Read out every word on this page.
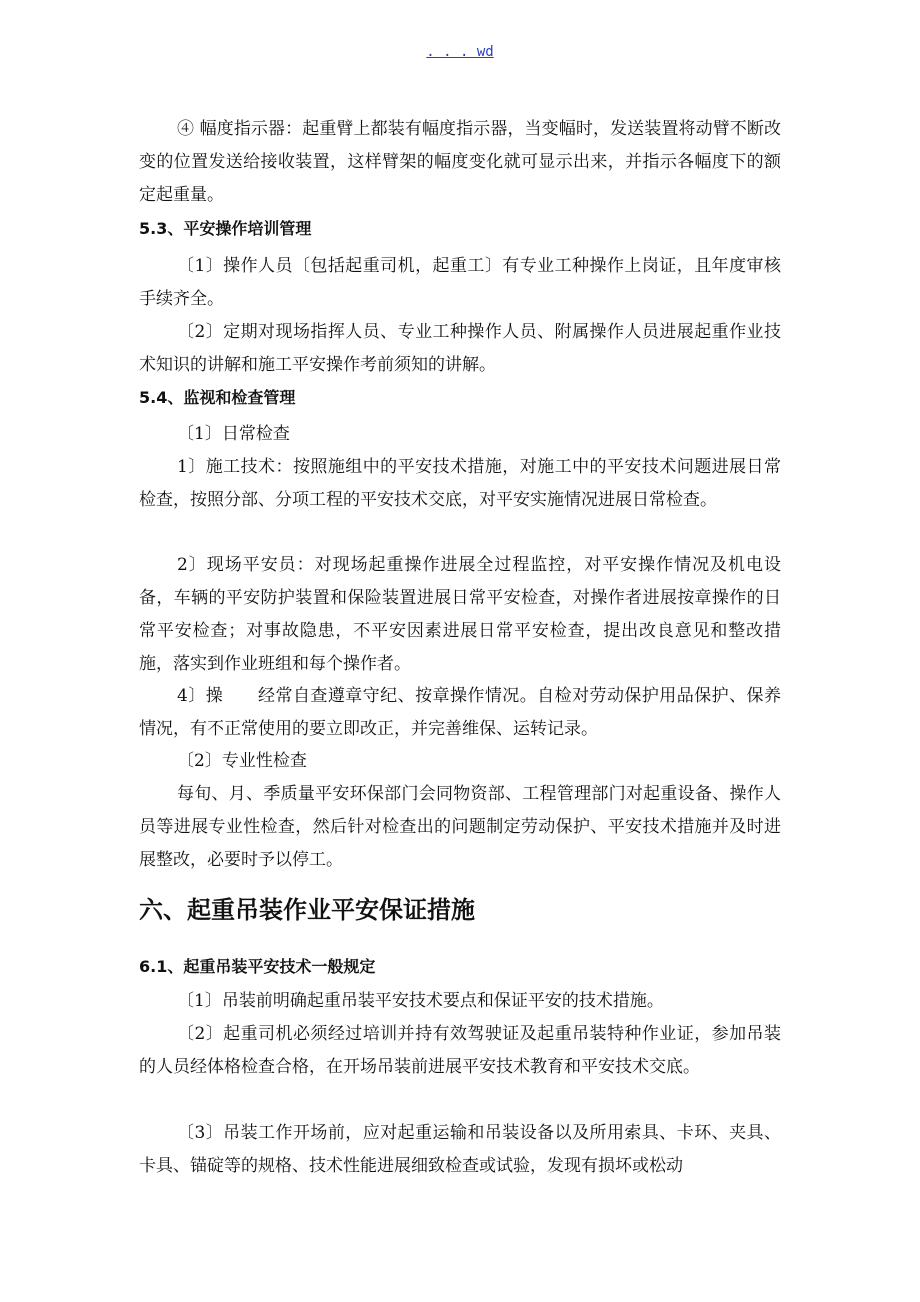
. . . wd

④ 幅度指示器：起重臂上都装有幅度指示器，当变幅时，发送装置将动臂不断改变的位置发送给接收装置，这样臂架的幅度变化就可显示出来，并指示各幅度下的额定起重量。

5.3、平安操作培训管理

〔1〕操作人员〔包括起重司机，起重工〕有专业工种操作上岗证，且年度审核手续齐全。

〔2〕定期对现场指挥人员、专业工种操作人员、附属操作人员进展起重作业技术知识的讲解和施工平安操作考前须知的讲解。

5.4、监视和检查管理

〔1〕日常检查

1〕施工技术：按照施组中的平安技术措施，对施工中的平安技术问题进展日常检查，按照分部、分项工程的平安技术交底，对平安实施情况进展日常检查。

2〕现场平安员：对现场起重操作进展全过程监控，对平安操作情况及机电设备，车辆的平安防护装置和保险装置进展日常平安检查，对操作者进展按章操作的日常平安检查；对事故隐患，不平安因素进展日常平安检查，提出改良意见和整改措施，落实到作业班组和每个操作者。

4〕操　　经常自查遵章守纪、按章操作情况。自检对劳动保护用品保护、保养情况，有不正常使用的要立即改正，并完善维保、运转记录。

〔2〕专业性检查

每旬、月、季质量平安环保部门会同物资部、工程管理部门对起重设备、操作人员等进展专业性检查，然后针对检查出的问题制定劳动保护、平安技术措施并及时进展整改，必要时予以停工。

六、起重吊装作业平安保证措施
6.1、起重吊装平安技术一般规定

〔1〕吊装前明确起重吊装平安技术要点和保证平安的技术措施。

〔2〕起重司机必须经过培训并持有效驾驶证及起重吊装特种作业证，参加吊装的人员经体格检查合格，在开场吊装前进展平安技术教育和平安技术交底。

〔3〕吊装工作开场前，应对起重运输和吊装设备以及所用索具、卡环、夹具、卡具、锚碇等的规格、技术性能进展细致检查或试验，发现有损坏或松动
